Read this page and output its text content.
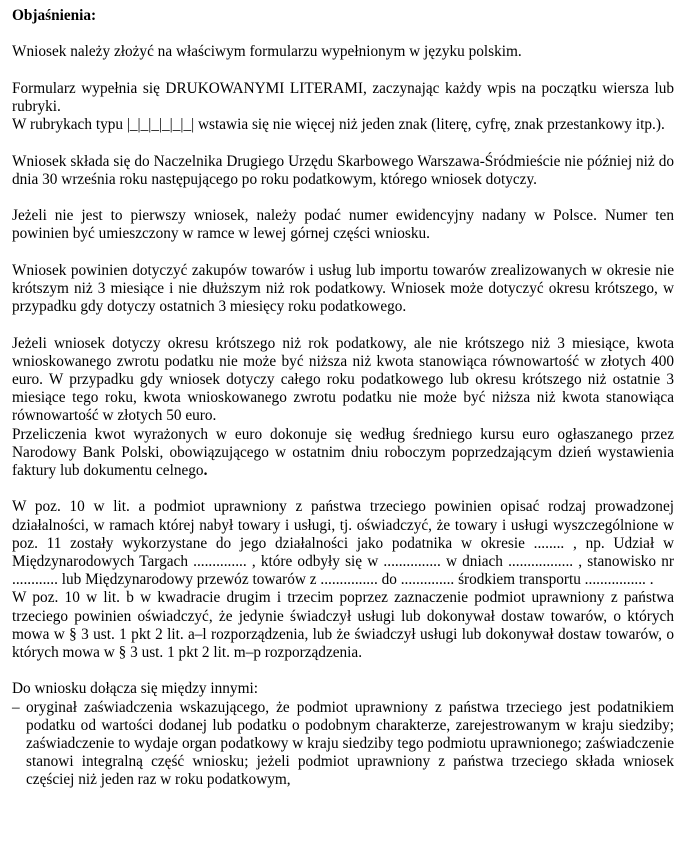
Objaśnienia:

Wniosek należy złożyć na właściwym formularzu wypełnionym w języku polskim.

Formularz wypełnia się DRUKOWANYMI LITERAMI, zaczynając każdy wpis na początku wiersza lub rubryki.

W rubrykach typu |_|_|_|_|_|_| wstawia się nie więcej niż jeden znak (literę, cyfrę, znak przestankowy itp.).

Wniosek składa się do Naczelnika Drugiego Urzędu Skarbowego Warszawa-Śródmieście nie później niż do dnia 30 września roku następującego po roku podatkowym, którego wniosek dotyczy.

Jeżeli nie jest to pierwszy wniosek, należy podać numer ewidencyjny nadany w Polsce. Numer ten powinien być umieszczony w ramce w lewej górnej części wniosku.

Wniosek powinien dotyczyć zakupów towarów i usług lub importu towarów zrealizowanych w okresie nie krótszym niż 3 miesiące i nie dłuższym niż rok podatkowy. Wniosek może dotyczyć okresu krótszego, w przypadku gdy dotyczy ostatnich 3 miesięcy roku podatkowego.

Jeżeli wniosek dotyczy okresu krótszego niż rok podatkowy, ale nie krótszego niż 3 miesiące, kwota wnioskowanego zwrotu podatku nie może być niższa niż kwota stanowiąca równowartość w złotych 400 euro. W przypadku gdy wniosek dotyczy całego roku podatkowego lub okresu krótszego niż ostatnie 3 miesiące tego roku, kwota wnioskowanego zwrotu podatku nie może być niższa niż kwota stanowiąca równowartość w złotych 50 euro.

Przeliczenia kwot wyrażonych w euro dokonuje się według średniego kursu euro ogłaszanego przez Narodowy Bank Polski, obowiązującego w ostatnim dniu roboczym poprzedzającym dzień wystawienia faktury lub dokumentu celnego.

W poz. 10 w lit. a podmiot uprawniony z państwa trzeciego powinien opisać rodzaj prowadzonej działalności, w ramach której nabył towary i usługi, tj. oświadczyć, że towary i usługi wyszczególnione w poz. 11 zostały wykorzystane do jego działalności jako podatnika w okresie ........ , np. Udział w Międzynarodowych Targach .............. , które odbyły się w ............... w dniach ................. , stanowisko nr ............ lub Międzynarodowy przewóz towarów z ............... do .............. środkiem transportu ................ .

W poz. 10 w lit. b w kwadracie drugim i trzecim poprzez zaznaczenie podmiot uprawniony z państwa trzeciego powinien oświadczyć, że jedynie świadczył usługi lub dokonywał dostaw towarów, o których mowa w § 3 ust. 1 pkt 2 lit. a–l rozporządzenia, lub że świadczył usługi lub dokonywał dostaw towarów, o których mowa w § 3 ust. 1 pkt 2 lit. m–p rozporządzenia.

Do wniosku dołącza się między innymi:

– oryginał zaświadczenia wskazującego, że podmiot uprawniony z państwa trzeciego jest podatnikiem podatku od wartości dodanej lub podatku o podobnym charakterze, zarejestrowanym w kraju siedziby; zaświadczenie to wydaje organ podatkowy w kraju siedziby tego podmiotu uprawnionego; zaświadczenie stanowi integralną część wniosku; jeżeli podmiot uprawniony z państwa trzeciego składa wniosek częściej niż jeden raz w roku podatkowym,
